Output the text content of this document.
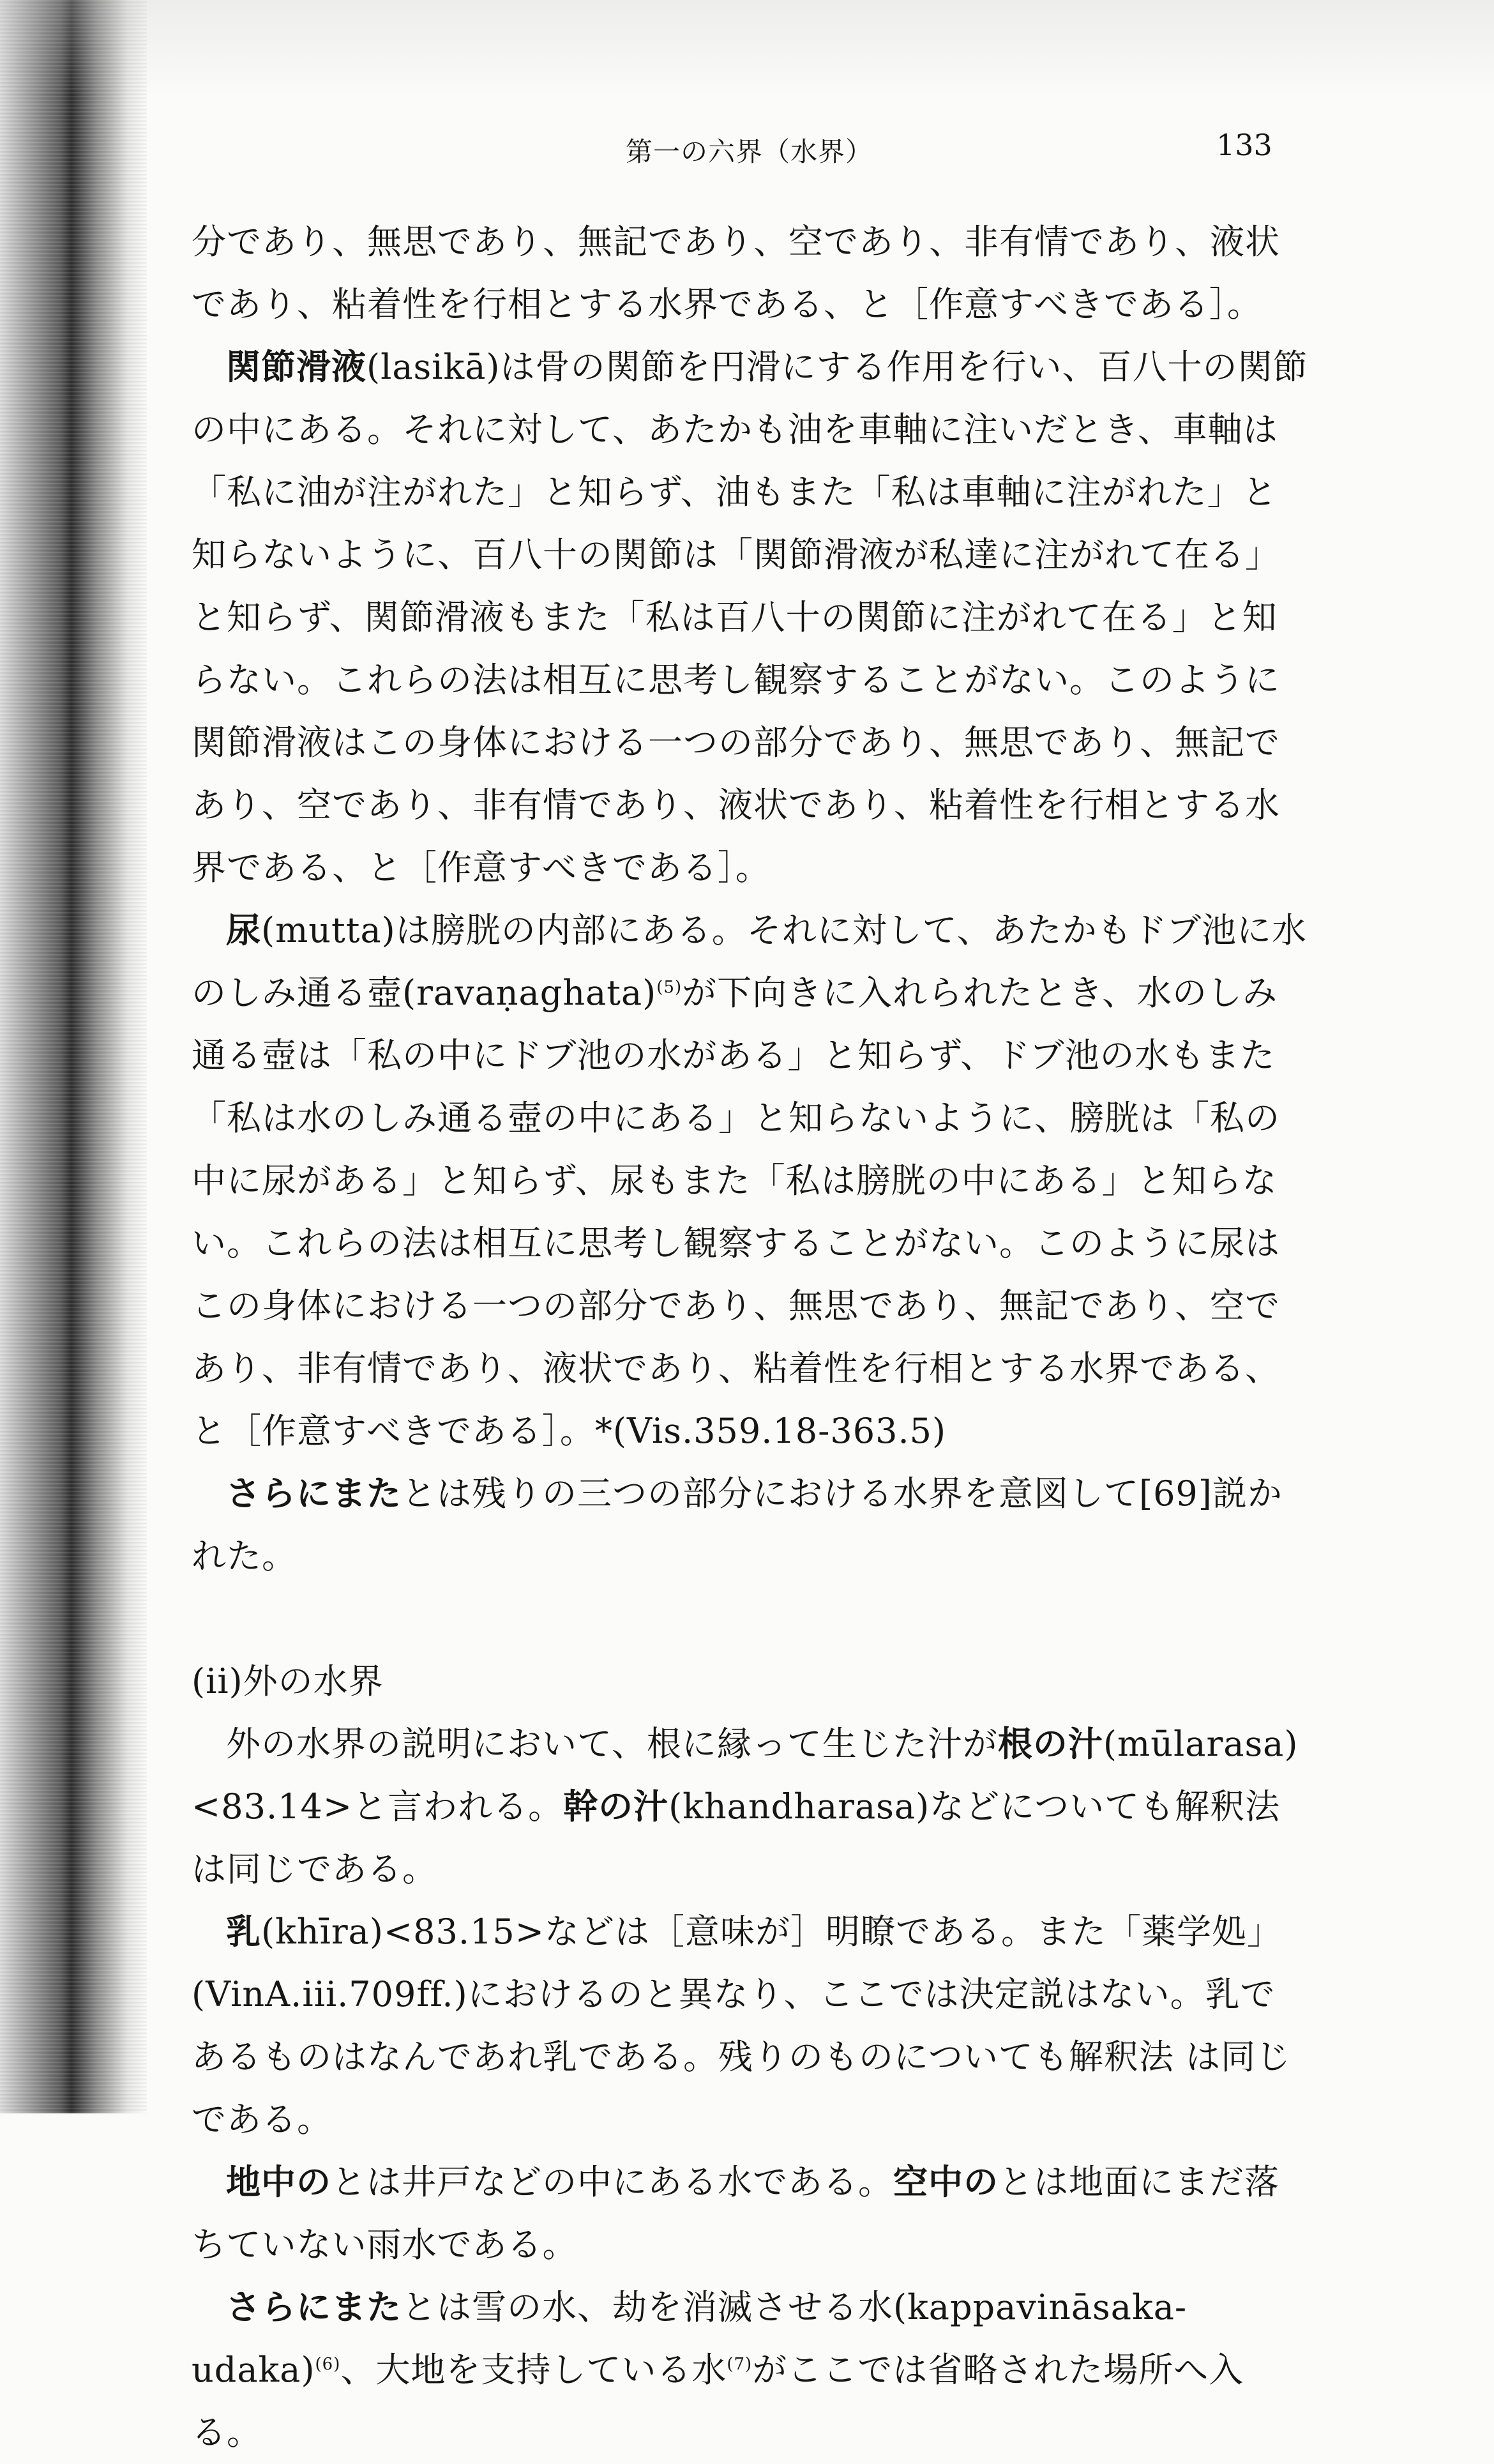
第一の六界（水界）	133

分であり、無思であり、無記であり、空であり、非有情であり、液状であり、粘着性を行相とする水界である、と［作意すべきである］。

関節滑液(lasikā)は骨の関節を円滑にする作用を行い、百八十の関節の中にある。それに対して、あたかも油を車軸に注いだとき、車軸は「私に油が注がれた」と知らず、油もまた「私は車軸に注がれた」と知らないように、百八十の関節は「関節滑液が私達に注がれて在る」と知らず、関節滑液もまた「私は百八十の関節に注がれて在る」と知らない。これらの法は相互に思考し観察することがない。このように関節滑液はこの身体における一つの部分であり、無思であり、無記であり、空であり、非有情であり、液状であり、粘着性を行相とする水界である、と［作意すべきである］。

尿(mutta)は膀胱の内部にある。それに対して、あたかもドブ池に水のしみ通る壺(ravaṇaghata)$^{(5)}$が下向きに入れられたとき、水のしみ通る壺は「私の中にドブ池の水がある」と知らず、ドブ池の水もまた「私は水のしみ通る壺の中にある」と知らないように、膀胱は「私の中に尿がある」と知らず、尿もまた「私は膀胱の中にある」と知らない。これらの法は相互に思考し観察することがない。このように尿はこの身体における一つの部分であり、無思であり、無記であり、空であり、非有情であり、液状であり、粘着性を行相とする水界である、と［作意すべきである］。*(Vis.359.18-363.5)

さらにまたとは残りの三つの部分における水界を意図して[69]説かれた。

(ii)外の水界

外の水界の説明において、根に縁って生じた汁が根の汁(mūlarasa)<83.14>と言われる。幹の汁(khandharasa)などについても解釈法は同じである。

乳(khīra)<83.15>などは［意味が］明瞭である。また「薬学処」(VinA.iii.709ff.)におけるのと異なり、ここでは決定説はない。乳であるものはなんであれ乳である。残りのものについても解釈法 は同じである。

地中のとは井戸などの中にある水である。空中のとは地面にまだ落ちていない雨水である。

さらにまたとは雪の水、劫を消滅させる水(kappavināsaka-udaka)$^{(6)}$、大地を支持している水$^{(7)}$がここでは省略された場所へ入る。
